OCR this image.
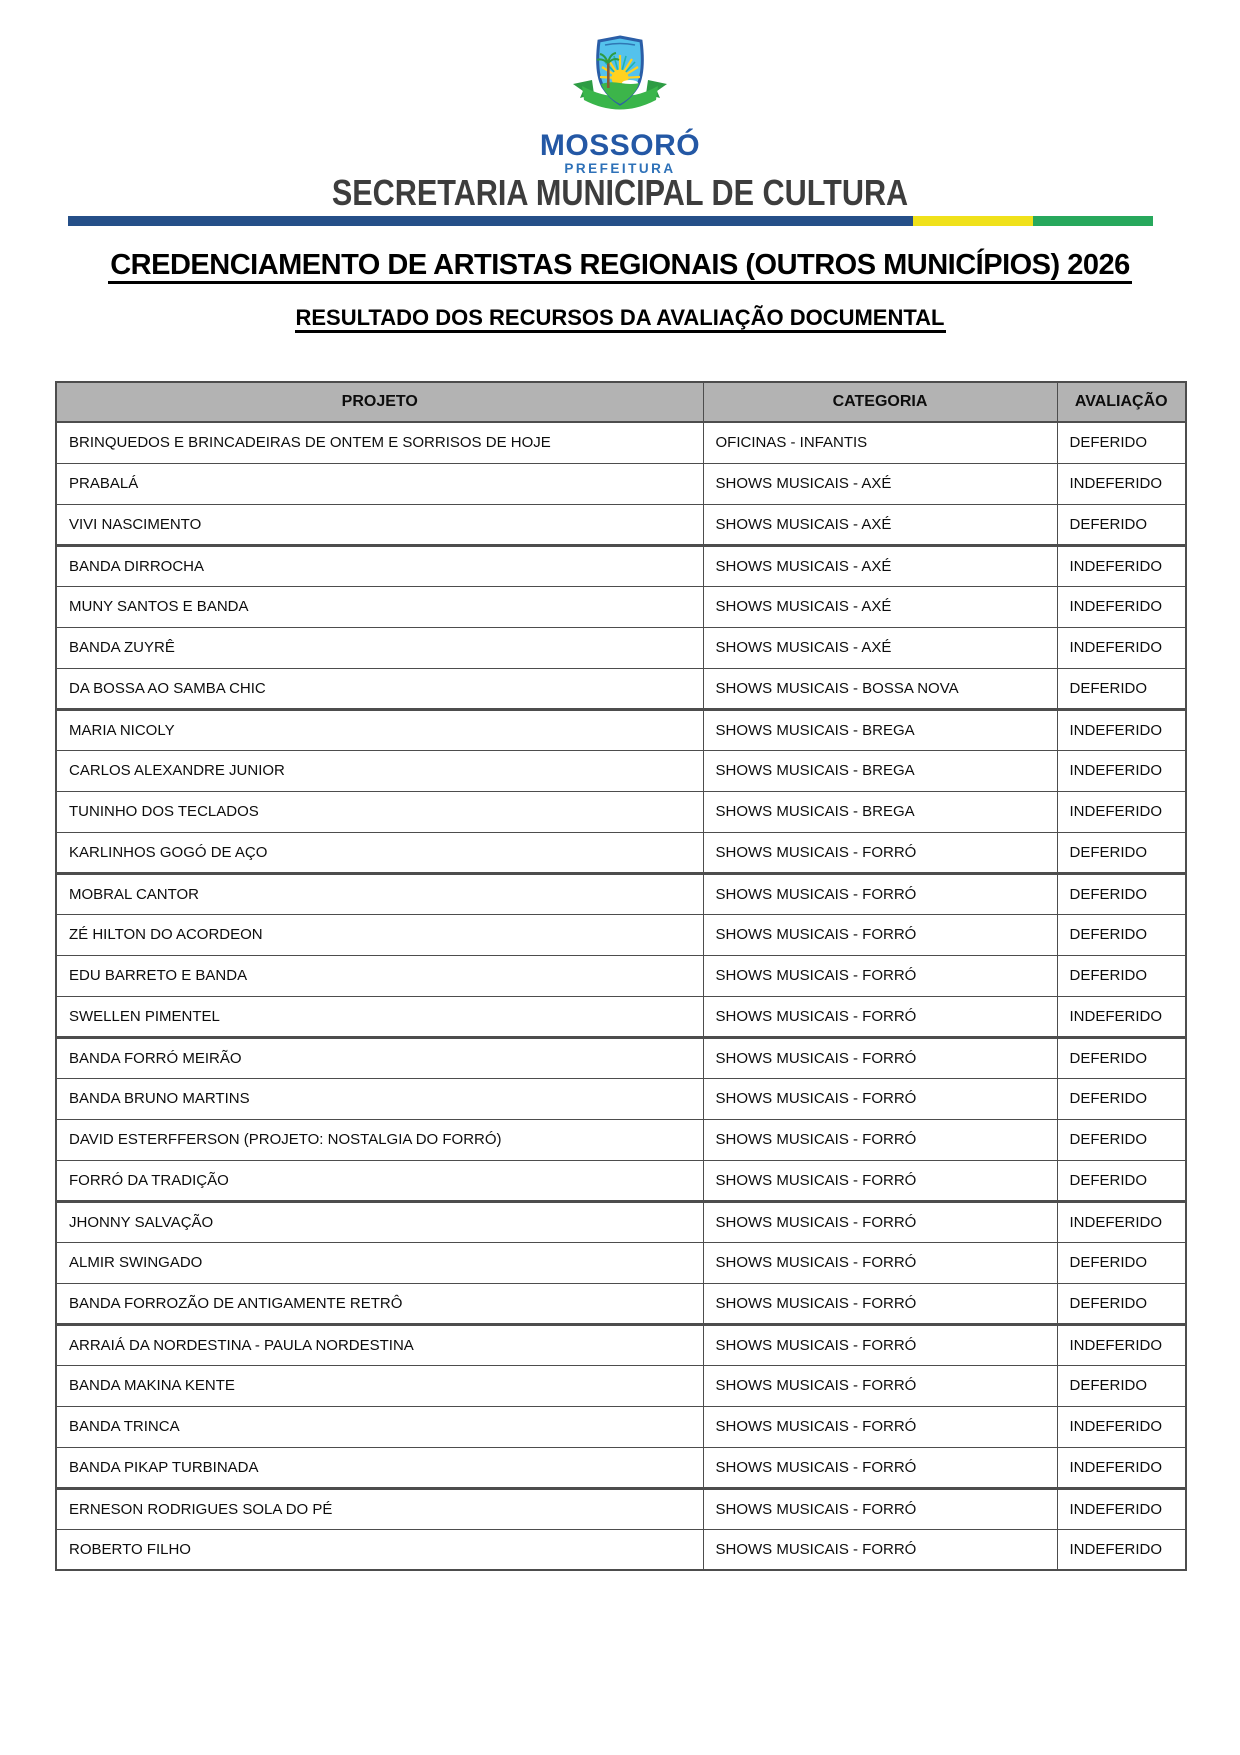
MOSSORÓ
PREFEITURA
SECRETARIA MUNICIPAL DE CULTURA
CREDENCIAMENTO DE ARTISTAS REGIONAIS (OUTROS MUNICÍPIOS) 2026
RESULTADO DOS RECURSOS DA AVALIAÇÃO DOCUMENTAL
PROJETO	CATEGORIA	AVALIAÇÃO
BRINQUEDOS E BRINCADEIRAS DE ONTEM E SORRISOS DE HOJE	OFICINAS - INFANTIS	DEFERIDO
PRABALÁ	SHOWS MUSICAIS - AXÉ	INDEFERIDO
VIVI NASCIMENTO	SHOWS MUSICAIS - AXÉ	DEFERIDO
BANDA DIRROCHA	SHOWS MUSICAIS - AXÉ	INDEFERIDO
MUNY SANTOS E BANDA	SHOWS MUSICAIS - AXÉ	INDEFERIDO
BANDA ZUYRÊ	SHOWS MUSICAIS - AXÉ	INDEFERIDO
DA BOSSA AO SAMBA CHIC	SHOWS MUSICAIS - BOSSA NOVA	DEFERIDO
MARIA NICOLY	SHOWS MUSICAIS - BREGA	INDEFERIDO
CARLOS ALEXANDRE JUNIOR	SHOWS MUSICAIS - BREGA	INDEFERIDO
TUNINHO DOS TECLADOS	SHOWS MUSICAIS - BREGA	INDEFERIDO
KARLINHOS GOGÓ DE AÇO	SHOWS MUSICAIS - FORRÓ	DEFERIDO
MOBRAL CANTOR	SHOWS MUSICAIS - FORRÓ	DEFERIDO
ZÉ HILTON DO ACORDEON	SHOWS MUSICAIS - FORRÓ	DEFERIDO
EDU BARRETO E BANDA	SHOWS MUSICAIS - FORRÓ	DEFERIDO
SWELLEN PIMENTEL	SHOWS MUSICAIS - FORRÓ	INDEFERIDO
BANDA FORRÓ MEIRÃO	SHOWS MUSICAIS - FORRÓ	DEFERIDO
BANDA BRUNO MARTINS	SHOWS MUSICAIS - FORRÓ	DEFERIDO
DAVID ESTERFFERSON (PROJETO: NOSTALGIA DO FORRÓ)	SHOWS MUSICAIS - FORRÓ	DEFERIDO
FORRÓ DA TRADIÇÃO	SHOWS MUSICAIS - FORRÓ	DEFERIDO
JHONNY SALVAÇÃO	SHOWS MUSICAIS - FORRÓ	INDEFERIDO
ALMIR SWINGADO	SHOWS MUSICAIS - FORRÓ	DEFERIDO
BANDA FORROZÃO DE ANTIGAMENTE RETRÔ	SHOWS MUSICAIS - FORRÓ	DEFERIDO
ARRAIÁ DA NORDESTINA - PAULA NORDESTINA	SHOWS MUSICAIS - FORRÓ	INDEFERIDO
BANDA MAKINA KENTE	SHOWS MUSICAIS - FORRÓ	DEFERIDO
BANDA TRINCA	SHOWS MUSICAIS - FORRÓ	INDEFERIDO
BANDA PIKAP TURBINADA	SHOWS MUSICAIS - FORRÓ	INDEFERIDO
ERNESON RODRIGUES SOLA DO PÉ	SHOWS MUSICAIS - FORRÓ	INDEFERIDO
ROBERTO FILHO	SHOWS MUSICAIS - FORRÓ	INDEFERIDO
